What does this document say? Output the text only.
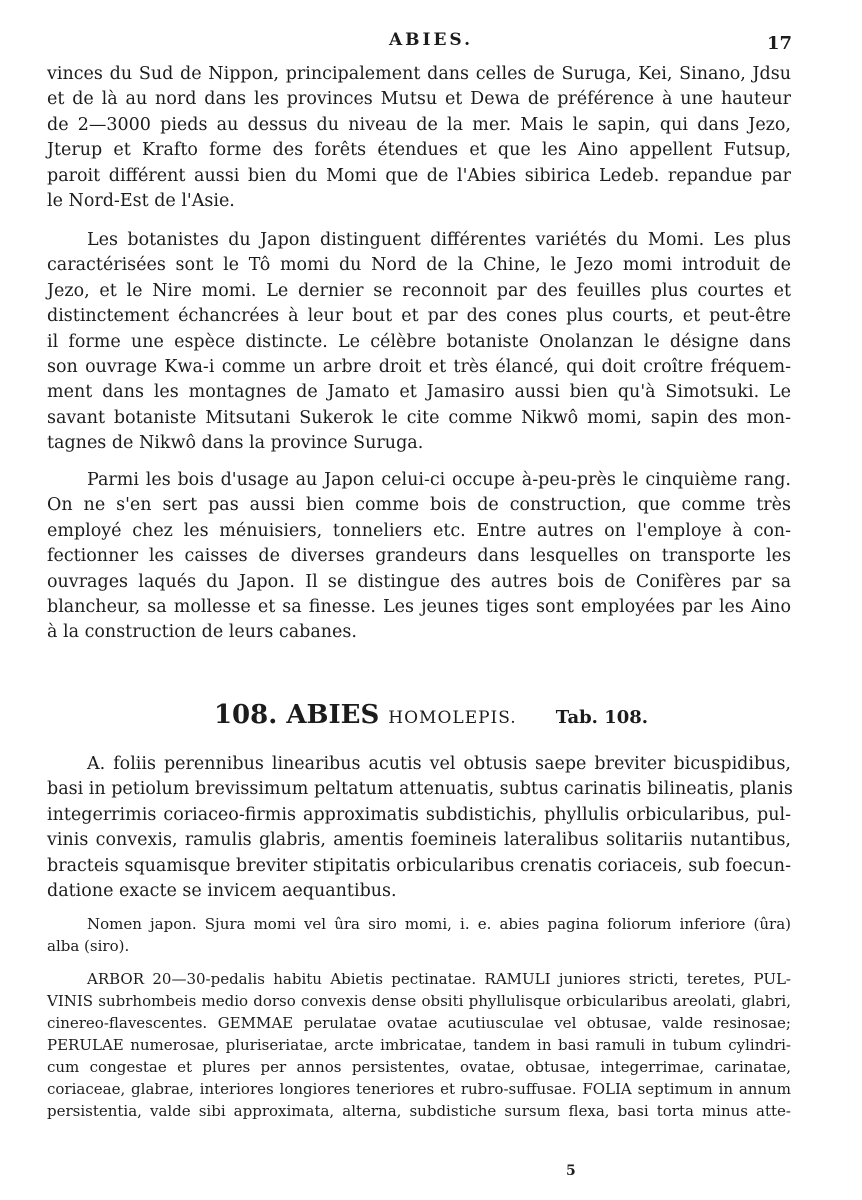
ABIES.	17
vinces du Sud de Nippon, principalement dans celles de Suruga, Kei, Sinano, Jdsu
et de là au nord dans les provinces Mutsu et Dewa de préférence à une hauteur
de 2—3000 pieds au dessus du niveau de la mer. Mais le sapin, qui dans Jezo,
Jterup et Krafto forme des forêts étendues et que les Aino appellent Futsup,
paroit différent aussi bien du Momi que de l'Abies sibirica Ledeb. repandue par
le Nord-Est de l'Asie.
Les botanistes du Japon distinguent différentes variétés du Momi. Les plus
caractérisées sont le Tô momi du Nord de la Chine, le Jezo momi introduit de
Jezo, et le Nire momi. Le dernier se reconnoit par des feuilles plus courtes et
distinctement échancrées à leur bout et par des cones plus courts, et peut-être
il forme une espèce distincte. Le célèbre botaniste Onolanzan le désigne dans
son ouvrage Kwa-i comme un arbre droit et très élancé, qui doit croître fréquem-
ment dans les montagnes de Jamato et Jamasiro aussi bien qu'à Simotsuki. Le
savant botaniste Mitsutani Sukerok le cite comme Nikwô momi, sapin des mon-
tagnes de Nikwô dans la province Suruga.
Parmi les bois d'usage au Japon celui-ci occupe à-peu-près le cinquième rang.
On ne s'en sert pas aussi bien comme bois de construction, que comme très
employé chez les ménuisiers, tonneliers etc. Entre autres on l'employe à con-
fectionner les caisses de diverses grandeurs dans lesquelles on transporte les
ouvrages laqués du Japon. Il se distingue des autres bois de Conifères par sa
blancheur, sa mollesse et sa finesse. Les jeunes tiges sont employées par les Aino
à la construction de leurs cabanes.
108. ABIES HOMOLEPIS. Tab. 108.
A. foliis perennibus linearibus acutis vel obtusis saepe breviter bicuspidibus,
basi in petiolum brevissimum peltatum attenuatis, subtus carinatis bilineatis, planis
integerrimis coriaceo-firmis approximatis subdistichis, phyllulis orbicularibus, pul-
vinis convexis, ramulis glabris, amentis foemineis lateralibus solitariis nutantibus,
bracteis squamisque breviter stipitatis orbicularibus crenatis coriaceis, sub foecun-
datione exacte se invicem aequantibus.
Nomen japon. Sjura momi vel ûra siro momi, i. e. abies pagina foliorum inferiore (ûra)
alba (siro).
ARBOR 20—30-pedalis habitu Abietis pectinatae. RAMULI juniores stricti, teretes, PUL-
VINIS subrhombeis medio dorso convexis dense obsiti phyllulisque orbicularibus areolati, glabri,
cinereo-flavescentes. GEMMAE perulatae ovatae acutiusculae vel obtusae, valde resinosae;
PERULAE numerosae, pluriseriatae, arcte imbricatae, tandem in basi ramuli in tubum cylindri-
cum congestae et plures per annos persistentes, ovatae, obtusae, integerrimae, carinatae,
coriaceae, glabrae, interiores longiores teneriores et rubro-suffusae. FOLIA septimum in annum
persistentia, valde sibi approximata, alterna, subdistiche sursum flexa, basi torta minus atte-
5
